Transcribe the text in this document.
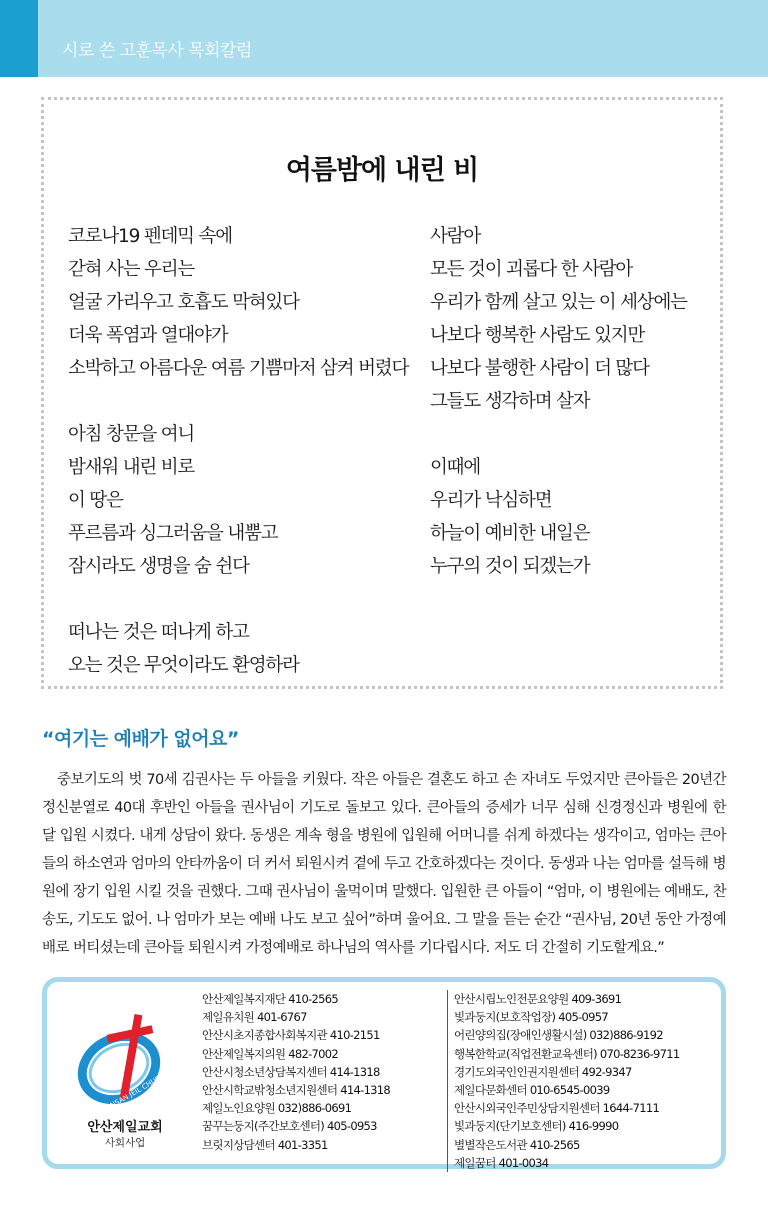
시로 쓴 고훈목사 목회칼럼
여름밤에 내린 비
코로나19 펜데믹 속에
갇혀 사는 우리는
얼굴 가리우고 호흡도 막혀있다
더욱 폭염과 열대야가
소박하고 아름다운 여름 기쁨마저 삼켜 버렸다
아침 창문을 여니
밤새워 내린 비로
이 땅은
푸르름과 싱그러움을 내뿜고
잠시라도 생명을 숨 쉰다
떠나는 것은 떠나게 하고
오는 것은 무엇이라도 환영하라
사람아
모든 것이 괴롭다 한 사람아
우리가 함께 살고 있는 이 세상에는
나보다 행복한 사람도 있지만
나보다 불행한 사람이 더 많다
그들도 생각하며 살자
이때에
우리가 낙심하면
하늘이 예비한 내일은
누구의 것이 되겠는가
“여기는 예배가 없어요”
중보기도의 벗 70세 김권사는 두 아들을 키웠다. 작은 아들은 결혼도 하고 손 자녀도 두었지만 큰아들은 20년간 정신분열로 40대 후반인 아들을 권사님이 기도로 돌보고 있다. 큰아들의 증세가 너무 심해 신경정신과 병원에 한 달 입원 시켰다. 내게 상담이 왔다. 동생은 계속 형을 병원에 입원해 어머니를 쉬게 하겠다는 생각이고, 엄마는 큰아들의 하소연과 엄마의 안타까움이 더 커서 퇴원시켜 곁에 두고 간호하겠다는 것이다. 동생과 나는 엄마를 설득해 병원에 장기 입원 시킬 것을 권했다. 그때 권사님이 울먹이며 말했다. 입원한 큰 아들이 “엄마, 이 병원에는 예배도, 찬송도, 기도도 없어. 나 엄마가 보는 예배 나도 보고 싶어”하며 울어요. 그 말을 듣는 순간 “권사님, 20년 동안 가정예배로 버티셨는데 큰아들 퇴원시켜 가정예배로 하나님의 역사를 기다립시다. 저도 더 간절히 기도할게요.”
ANSAN JEIL CHURCH
안산제일교회
사회사업
안산제일복지재단 410-2565
제일유치원 401-6767
안산시초지종합사회복지관 410-2151
안산제일복지의원 482-7002
안산시청소년상담복지센터 414-1318
안산시학교밖청소년지원센터 414-1318
제일노인요양원 032)886-0691
꿈꾸는둥지(주간보호센터) 405-0953
브릿지상담센터 401-3351
안산시립노인전문요양원 409-3691
빛과둥지(보호작업장) 405-0957
어린양의집(장애인생활시설) 032)886-9192
행복한학교(직업전환교육센터) 070-8236-9711
경기도외국인인권지원센터 492-9347
제일다문화센터 010-6545-0039
안산시외국인주민상담지원센터 1644-7111
빛과둥지(단기보호센터) 416-9990
별별작은도서관 410-2565
제일꿈터 401-0034
